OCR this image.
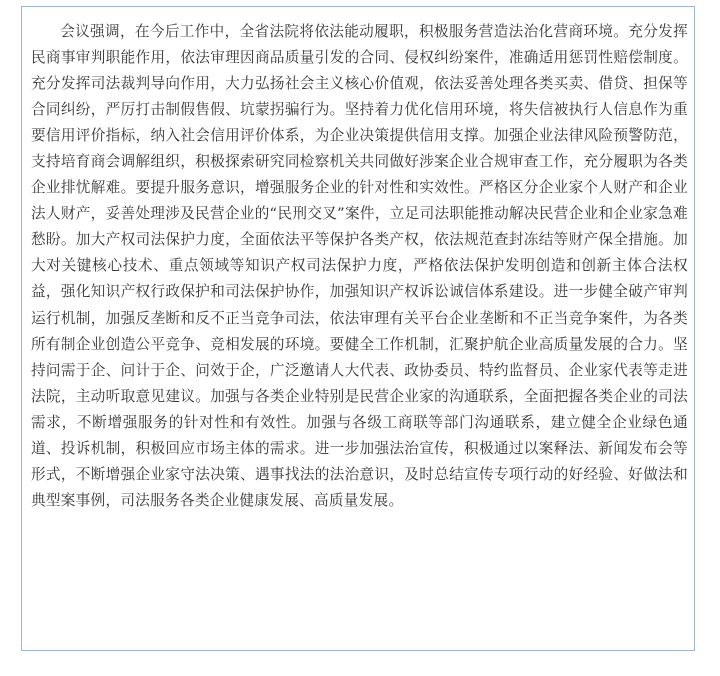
会议强调，在今后工作中，全省法院将依法能动履职，积极服务营造法治化营商环境。充分发挥民商事审判职能作用，依法审理因商品质量引发的合同、侵权纠纷案件，准确适用惩罚性赔偿制度。充分发挥司法裁判导向作用，大力弘扬社会主义核心价值观，依法妥善处理各类买卖、借贷、担保等合同纠纷，严厉打击制假售假、坑蒙拐骗行为。坚持着力优化信用环境，将失信被执行人信息作为重要信用评价指标，纳入社会信用评价体系，为企业决策提供信用支撑。加强企业法律风险预警防范，支持培育商会调解组织，积极探索研究同检察机关共同做好涉案企业合规审查工作，充分履职为各类企业排忧解难。要提升服务意识，增强服务企业的针对性和实效性。严格区分企业家个人财产和企业法人财产，妥善处理涉及民营企业的“民刑交叉”案件，立足司法职能推动解决民营企业和企业家急难愁盼。加大产权司法保护力度，全面依法平等保护各类产权，依法规范查封冻结等财产保全措施。加大对关键核心技术、重点领域等知识产权司法保护力度，严格依法保护发明创造和创新主体合法权益，强化知识产权行政保护和司法保护协作，加强知识产权诉讼诚信体系建设。进一步健全破产审判运行机制，加强反垄断和反不正当竞争司法，依法审理有关平台企业垄断和不正当竞争案件，为各类所有制企业创造公平竞争、竞相发展的环境。要健全工作机制，汇聚护航企业高质量发展的合力。坚持问需于企、问计于企、问效于企，广泛邀请人大代表、政协委员、特约监督员、企业家代表等走进法院，主动听取意见建议。加强与各类企业特别是民营企业家的沟通联系，全面把握各类企业的司法需求，不断增强服务的针对性和有效性。加强与各级工商联等部门沟通联系，建立健全企业绿色通道、投诉机制，积极回应市场主体的需求。进一步加强法治宣传，积极通过以案释法、新闻发布会等形式，不断增强企业家守法决策、遇事找法的法治意识，及时总结宣传专项行动的好经验、好做法和典型案事例，司法服务各类企业健康发展、高质量发展。
